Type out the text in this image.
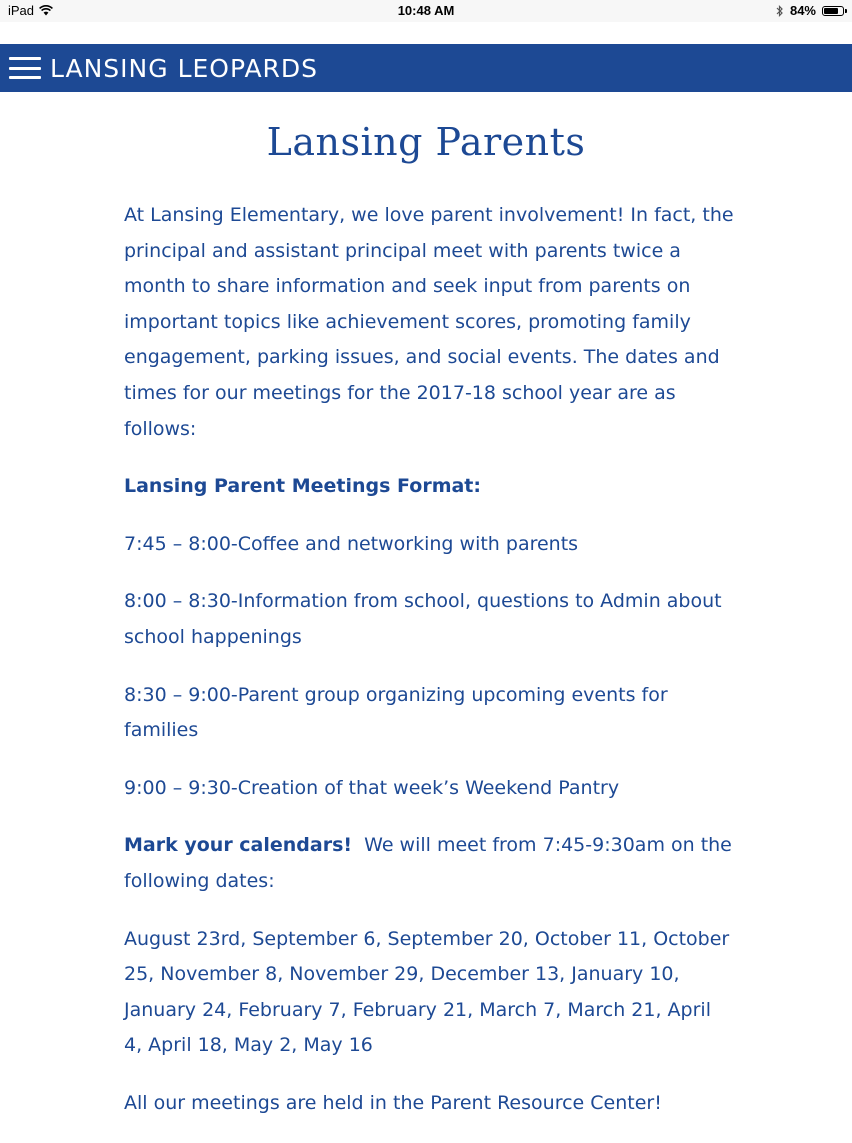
iPad	10:48 AM	84%
LANSING LEOPARDS
Lansing Parents

At Lansing Elementary, we love parent involvement! In fact, the principal and assistant principal meet with parents twice a month to share information and seek input from parents on important topics like achievement scores, promoting family engagement, parking issues, and social events. The dates and times for our meetings for the 2017-18 school year are as follows:

Lansing Parent Meetings Format:

7:45 – 8:00-Coffee and networking with parents

8:00 – 8:30-Information from school, questions to Admin about school happenings

8:30 – 9:00-Parent group organizing upcoming events for families

9:00 – 9:30-Creation of that week’s Weekend Pantry

Mark your calendars!  We will meet from 7:45-9:30am on the following dates:

August 23rd, September 6, September 20, October 11, October 25, November 8, November 29, December 13, January 10, January 24, February 7, February 21, March 7, March 21, April 4, April 18, May 2, May 16

All our meetings are held in the Parent Resource Center!
